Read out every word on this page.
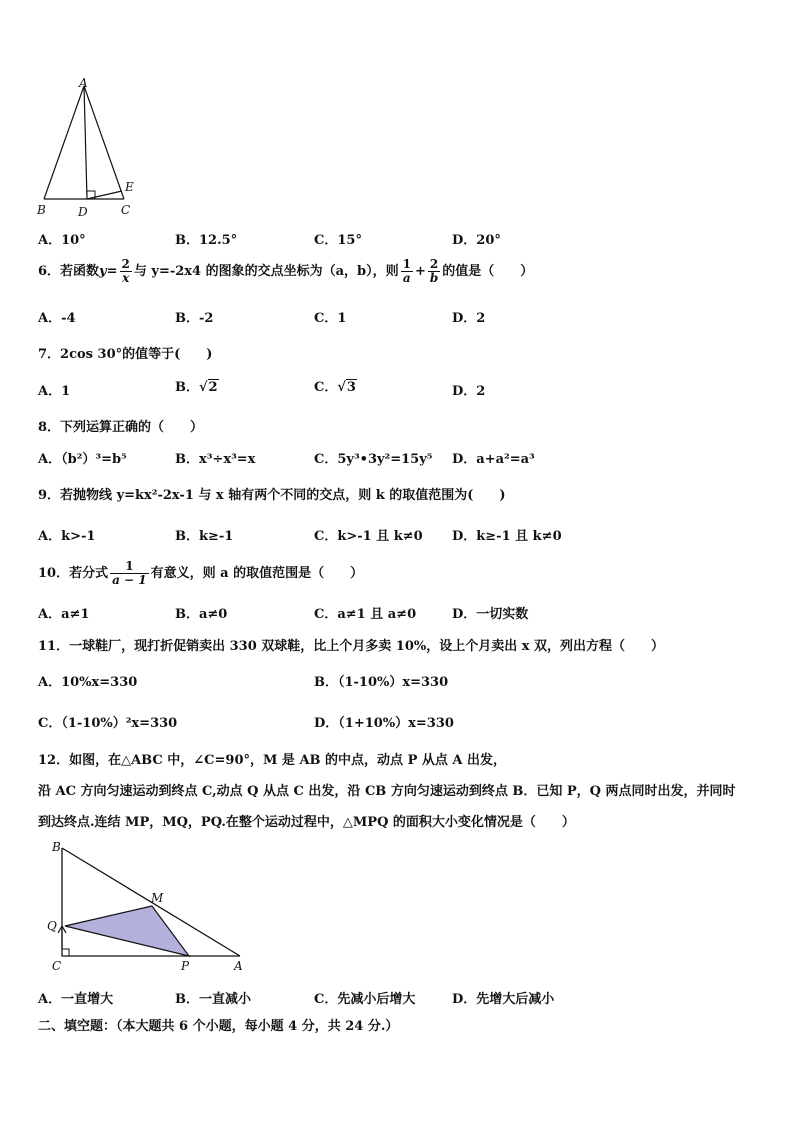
A
B	D	C
E
A．10°	B．12.5°	C．15°	D．20°
6．若函数$y= \frac{2}{x}$ 与 y=-2x4 的图象的交点坐标为（a，b），则 $\frac{1}{a} + \frac{2}{b}$ 的值是（　　）
A．-4	B．-2	C．1	D．2
7．2cos 30°的值等于(　　)
A．1	B．√2	C．√3	D．2
8．下列运算正确的（　　）
A．（b²）³=b⁵	B．x³÷x³=x	C．5y³•3y²=15y⁵ D．a+a²=a³
9．若抛物线 y=kx²-2x-1 与 x 轴有两个不同的交点，则 k 的取值范围为(　　)
A．k>-1	B．k≥-1	C．k>-1 且 k≠0 D．k≥-1 且 k≠0
10．若分式 $\frac{1}{a - 1}$ 有意义，则 a 的取值范围是（　　）
A．a≠1	B．a≠0	C．a≠1 且 a≠0	D．一切实数
11．一球鞋厂，现打折促销卖出 330 双球鞋，比上个月多卖 10%，设上个月卖出 x 双，列出方程（　　）
A．10%x=330	B．（1-10%）x=330
C．（1-10%）²x=330	D．（1+10%）x=330
12．如图，在△ABC 中，∠C=90°，M 是 AB 的中点，动点 P 从点 A 出发，
沿 AC 方向匀速运动到终点 C,动点 Q 从点 C 出发，沿 CB 方向匀速运动到终点 B．已知 P，Q 两点同时出发，并同时
到达终点.连结 MP，MQ，PQ.在整个运动过程中，△MPQ 的面积大小变化情况是（　　）
B
M
Q
C	P	A
A．一直增大	B．一直减小	C．先减小后增大	D．先增大后减小
二、填空题：（本大题共 6 个小题，每小题 4 分，共 24 分.）
